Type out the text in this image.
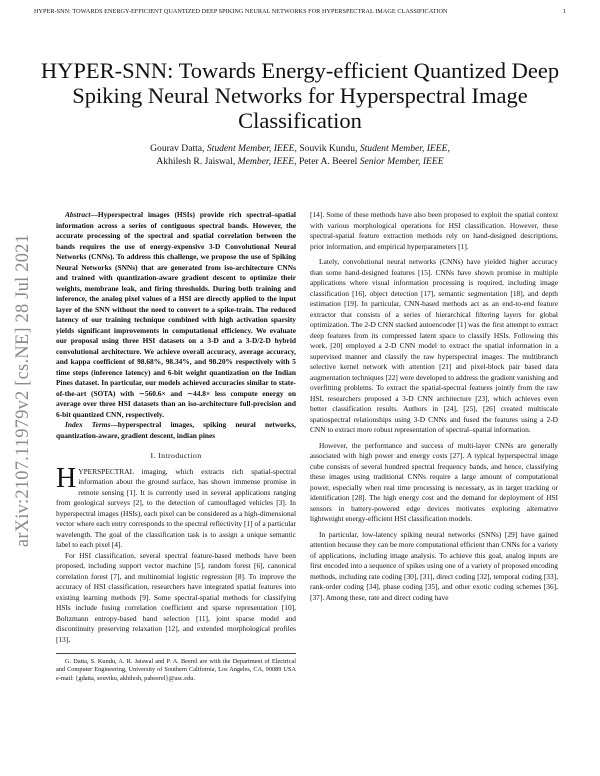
HYPER-SNN: TOWARDS ENERGY-EFFICIENT QUANTIZED DEEP SPIKING NEURAL NETWORKS FOR HYPERSPECTRAL IMAGE CLASSIFICATION	1
HYPER-SNN: Towards Energy-efficient Quantized Deep Spiking Neural Networks for Hyperspectral Image Classification
Gourav Datta, Student Member, IEEE, Souvik Kundu, Student Member, IEEE,
Akhilesh R. Jaiswal, Member, IEEE, Peter A. Beerel Senior Member, IEEE
arXiv:2107.11979v2 [cs.NE] 28 Jul 2021

Abstract—Hyperspectral images (HSIs) provide rich spectral–spatial information across a series of contiguous spectral bands. However, the accurate processing of the spectral and spatial correlation between the bands requires the use of energy-expensive 3-D Convolutional Neural Networks (CNNs). To address this challenge, we propose the use of Spiking Neural Networks (SNNs) that are generated from iso-architecture CNNs and trained with quantization-aware gradient descent to optimize their weights, membrane leak, and firing thresholds. During both training and inference, the analog pixel values of a HSI are directly applied to the input layer of the SNN without the need to convert to a spike-train. The reduced latency of our training technique combined with high activation sparsity yields significant improvements in computational efficiency. We evaluate our proposal using three HSI datasets on a 3-D and a 3-D/2-D hybrid convolutional architecture. We achieve overall accuracy, average accuracy, and kappa coefficient of 98.68%, 98.34%, and 98.20% respectively with 5 time steps (inference latency) and 6-bit weight quantization on the Indian Pines dataset. In particular, our models achieved accuracies similar to state-of-the-art (SOTA) with ∼560.6× and ∼44.8× less compute energy on average over three HSI datasets than an iso-architecture full-precision and 6-bit quantized CNN, respectively.

Index Terms—hyperspectral images, spiking neural networks, quantization-aware, gradient descent, indian pines

I. Introduction

HYPERSPECTRAL imaging, which extracts rich spatial-spectral information about the ground surface, has shown immense promise in remote sensing [1]. It is currently used in several applications ranging from geological surveys [2], to the detection of camouflaged vehicles [3]. In hyperspectral images (HSIs), each pixel can be considered as a high-dimensional vector where each entry corresponds to the spectral reflectivity [1] of a particular wavelength. The goal of the classification task is to assign a unique semantic label to each pixel [4].

For HSI classification, several spectral feature-based methods have been proposed, including support vector machine [5], random forest [6], canonical correlation forest [7], and multinomial logistic regression [8]. To improve the accuracy of HSI classification, researchers have integrated spatial features into existing learning methods [9]. Some spectral-spatial methods for classifying HSIs include fusing correlation coefficient and sparse representation [10], Boltzmann entropy-based band selection [11], joint sparse model and discontinuity preserving relaxation [12], and extended morphological profiles [13],

G. Datta, S. Kundu, A. R. Jaiswal and P. A. Beerel are with the Department of Electrical and Computer Engineering, University of Southern California, Los Angeles, CA, 90089 USA e-mail: {gdatta, souviku, akhilesh, pabeerel}@usc.edu.

[14]. Some of these methods have also been proposed to exploit the spatial context with various morphological operations for HSI classification. However, these spectral-spatial feature extraction methods rely on hand-designed descriptions, prior information, and empirical hyperparameters [1].

Lately, convolutional neural networks (CNNs) have yielded higher accuracy than some hand-designed features [15]. CNNs have shown promise in multiple applications where visual information processing is required, including image classification [16], object detection [17], semantic segmentation [18], and depth estimation [19]. In particular, CNN-based methods act as an end-to-end feature extractor that consists of a series of hierarchical filtering layers for global optimization. The 2-D CNN stacked autoencoder [1] was the first attempt to extract deep features from its compressed latent space to classify HSIs. Following this work, [20] employed a 2-D CNN model to extract the spatial information in a supervised manner and classify the raw hyperspectral images. The multibranch selective kernel network with attention [21] and pixel-block pair based data augmentation techniques [22] were developed to address the gradient vanishing and overfitting problems. To extract the spatial-spectral features jointly from the raw HSI, researchers proposed a 3-D CNN architecture [23], which achieves even better classification results. Authors in [24], [25], [26] created multiscale spatiospectral relationships using 3-D CNNs and fused the features using a 2-D CNN to extract more robust representation of spectral–spatial information.

However, the performance and success of multi-layer CNNs are generally associated with high power and energy costs [27]. A typical hyperspectral image cube consists of several hundred spectral frequency bands, and hence, classifying these images using traditional CNNs require a large amount of computational power, especially when real time processing is necessary, as in target tracking or identification [28]. The high energy cost and the demand for deployment of HSI sensors in battery-powered edge devices motivates exploring alternative lightweight energy-efficient HSI classification models.

In particular, low-latency spiking neural networks (SNNs) [29] have gained attention because they can be more computational efficient than CNNs for a variety of applications, including image analysis. To achieve this goal, analog inputs are first encoded into a sequence of spikes using one of a variety of proposed encoding methods, including rate coding [30], [31], direct coding [32], temporal coding [33], rank-order coding [34], phase coding [35], and other exotic coding schemes [36], [37]. Among these, rate and direct coding have
